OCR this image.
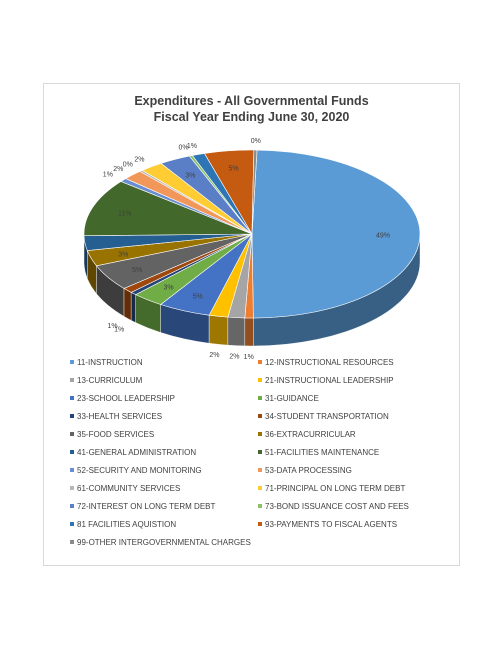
Expenditures - All Governmental Funds
Fiscal Year Ending June 30, 2020
49%
1%
2%
2%
5%
3%
1%
1%
5%
3%
11%
1%
2%
0%
2%
3%
0%
1%
5%
0%
11-INSTRUCTION	12-INSTRUCTIONAL RESOURCES
13-CURRICULUM	21-INSTRUCTIONAL LEADERSHIP
23-SCHOOL LEADERSHIP	31-GUIDANCE
33-HEALTH SERVICES	34-STUDENT TRANSPORTATION
35-FOOD SERVICES	36-EXTRACURRICULAR
41-GENERAL ADMINISTRATION	51-FACILITIES MAINTENANCE
52-SECURITY AND MONITORING	53-DATA PROCESSING
61-COMMUNITY SERVICES	71-PRINCIPAL ON LONG TERM DEBT
72-INTEREST ON LONG TERM DEBT	73-BOND ISSUANCE COST AND FEES
81 FACILITIES AQUISTION	93-PAYMENTS TO FISCAL AGENTS
99-OTHER INTERGOVERNMENTAL CHARGES
